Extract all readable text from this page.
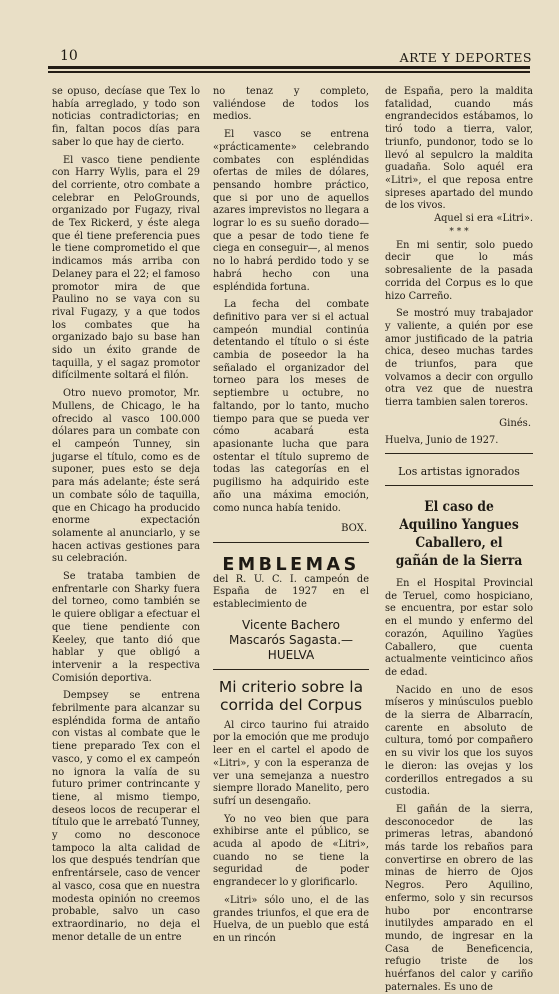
10	ARTE Y DEPORTES

se opuso, decíase que Tex lo había arreglado, y todo son noticias contradictorias; en fin, faltan pocos días para saber lo que hay de cierto.

El vasco tiene pendiente con Harry Wylis, para el 29 del corriente, otro combate a celebrar en PeloGrounds, organizado por Fugazy, rival de Tex Rickerd, y éste alega que él tiene preferencia pues le tiene comprometido el que indicamos más arriba con Delaney para el 22; el famoso promotor mira de que Paulino no se vaya con su rival Fugazy, y a que todos los combates que ha organizado bajo su base han sido un éxito grande de taquilla, y el sagaz promotor difícilmente soltará el filón.

Otro nuevo promotor, Mr. Mullens, de Chicago, le ha ofrecido al vasco 100.000 dólares para un combate con el campeón Tunney, sin jugarse el título, como es de suponer, pues esto se deja para más adelante; éste será un combate sólo de taquilla, que en Chicago ha producido enorme expectación solamente al anunciarlo, y se hacen activas gestiones para su celebración.

Se trataba tambien de enfrentarle con Sharky fuera del torneo, como también se le quiere obligar a efectuar el que tiene pendiente con Keeley, que tanto dió que hablar y que obligó a intervenir a la respectiva Comisión deportiva.

Dempsey se entrena febrilmente para alcanzar su espléndida forma de antaño con vistas al combate que le tiene preparado Tex con el vasco, y como el ex campeón no ignora la valía de su futuro primer contrincante y tiene, al mismo tiempo, deseos locos de recuperar el título que le arrebató Tunney, y como no desconoce tampoco la alta calidad de los que después tendrían que enfrentársele, caso de vencer al vasco, cosa que en nuestra modesta opinión no creemos probable, salvo un caso extraordinario, no deja el menor detalle de un entre

no tenaz y completo, valiéndose de todos los medios.

El vasco se entrena «prácticamente» celebrando combates con espléndidas ofertas de miles de dólares, pensando hombre práctico, que si por uno de aquellos azares imprevistos no llegara a lograr lo es su sueño dorado—que a pesar de todo tiene fe ciega en conseguir—, al menos no lo habrá perdido todo y se habrá hecho con una espléndida fortuna.

La fecha del combate definitivo para ver si el actual campeón mundial continúa detentando el título o si éste cambia de poseedor la ha señalado el organizador del torneo para los meses de septiembre u octubre, no faltando, por lo tanto, mucho tiempo para que se pueda ver cómo acabará esta apasionante lucha que para ostentar el título supremo de todas las categorías en el pugilismo ha adquirido este año una máxima emoción, como nunca había tenido.

BOX.
EMBLEMAS

del R. U. C. I. campeón de España de 1927 en el establecimiento de

Vicente Bachero Mascarós Sagasta.—HUELVA
Mi criterio sobre la corrida del Corpus

Al circo taurino fui atraido por la emoción que me produjo leer en el cartel el apodo de «Litri», y con la esperanza de ver una semejanza a nuestro siempre llorado Manelito, pero sufrí un desengaño.

Yo no veo bien que para exhibirse ante el público, se acuda al apodo de «Litri», cuando no se tiene la seguridad de poder engrandecer lo y glorificarlo.

«Litri» sólo uno, el de las grandes triunfos, el que era de Huelva, de un pueblo que está en un rincón

de España, pero la maldita fatalidad, cuando más engrandecidos estábamos, lo tiró todo a tierra, valor, triunfo, pundonor, todo se lo llevó al sepulcro la maldita guadaña. Solo aquél era «Litri», el que reposa entre sipreses apartado del mundo de los vivos.

Aquel si era «Litri».

* * *

En mi sentir, solo puedo decir que lo más sobresaliente de la pasada corrida del Corpus es lo que hizo Carreño.

Se mostró muy trabajador y valiente, a quién por ese amor justificado de la patria chica, deseo muchas tardes de triunfos, para que volvamos a decir con orgullo otra vez que de nuestra tierra tambien salen toreros.

Ginés.

Huelva, Junio de 1927.

Los artistas ignorados
El caso de Aquilino Yangues Caballero, el gañán de la Sierra

En el Hospital Provincial de Teruel, como hospiciano, se encuentra, por estar solo en el mundo y enfermo del corazón, Aquilino Yagües Caballero, que cuenta actualmente veinticinco años de edad.

Nacido en uno de esos míseros y minúsculos pueblo de la sierra de Albarracín, carente en absoluto de cultura, tomó por compañero en su vivir los que los suyos le dieron: las ovejas y los corderillos entregados a su custodia.

El gañán de la sierra, desconocedor de las primeras letras, abandonó más tarde los rebaños para convertirse en obrero de las minas de hierro de Ojos Negros. Pero Aquilino, enfermo, solo y sin recursos hubo por encontrarse inutilydes amparado en el mundo, de ingresar en la Casa de Beneficencia, refugio triste de los huérfanos del calor y cariño paternales. Es uno de
